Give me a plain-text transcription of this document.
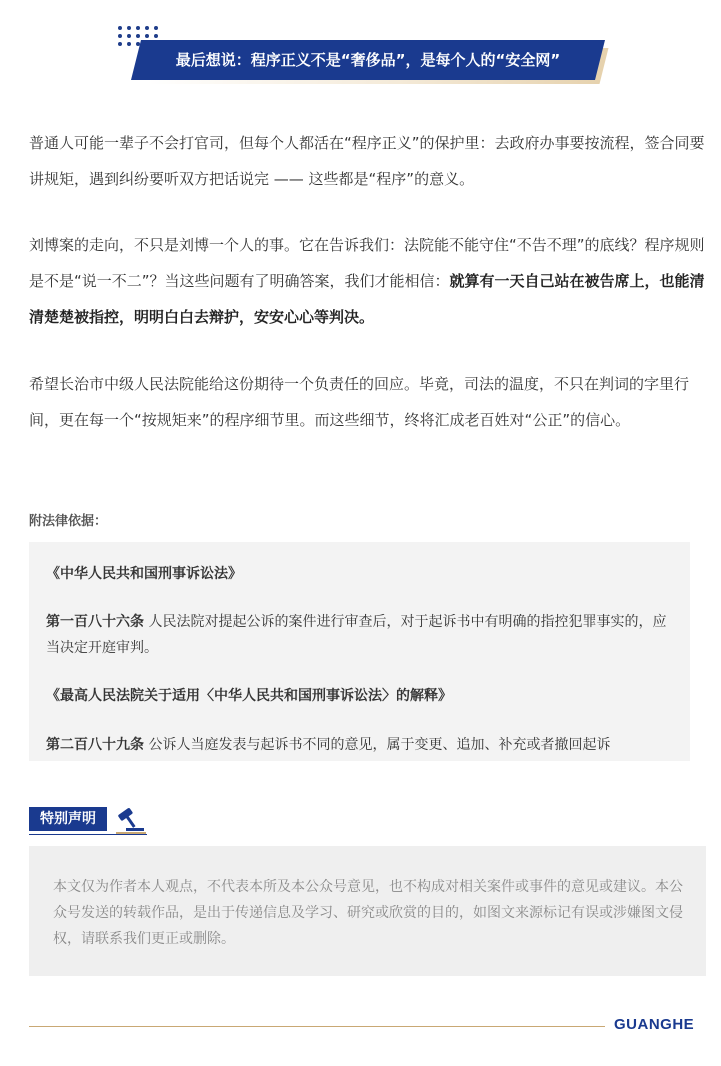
最后想说：程序正义不是“奢侈品”，是每个人的“安全网”

普通人可能一辈子不会打官司，但每个人都活在“程序正义”的保护里：去政府办事要按流程，签合同要讲规矩，遇到纠纷要听双方把话说完 —— 这些都是“程序”的意义。

刘博案的走向，不只是刘博一个人的事。它在告诉我们：法院能不能守住“不告不理”的底线？程序规则是不是“说一不二”？当这些问题有了明确答案，我们才能相信：就算有一天自己站在被告席上，也能清清楚楚被指控，明明白白去辩护，安安心心等判决。

希望长治市中级人民法院能给这份期待一个负责任的回应。毕竟，司法的温度，不只在判词的字里行间，更在每一个“按规矩来”的程序细节里。而这些细节，终将汇成老百姓对“公正”的信心。

附法律依据：

《中华人民共和国刑事诉讼法》

第一百八十六条 人民法院对提起公诉的案件进行审查后，对于起诉书中有明确的指控犯罪事实的，应当决定开庭审判。

《最高人民法院关于适用〈中华人民共和国刑事诉讼法〉的解释》

第二百八十九条 公诉人当庭发表与起诉书不同的意见，属于变更、追加、补充或者撤回起诉

特别声明

本文仅为作者本人观点，不代表本所及本公众号意见，也不构成对相关案件或事件的意见或建议。本公众号发送的转载作品，是出于传递信息及学习、研究或欣赏的目的，如图文来源标记有误或涉嫌图文侵权，请联系我们更正或删除。

GUANGHE
